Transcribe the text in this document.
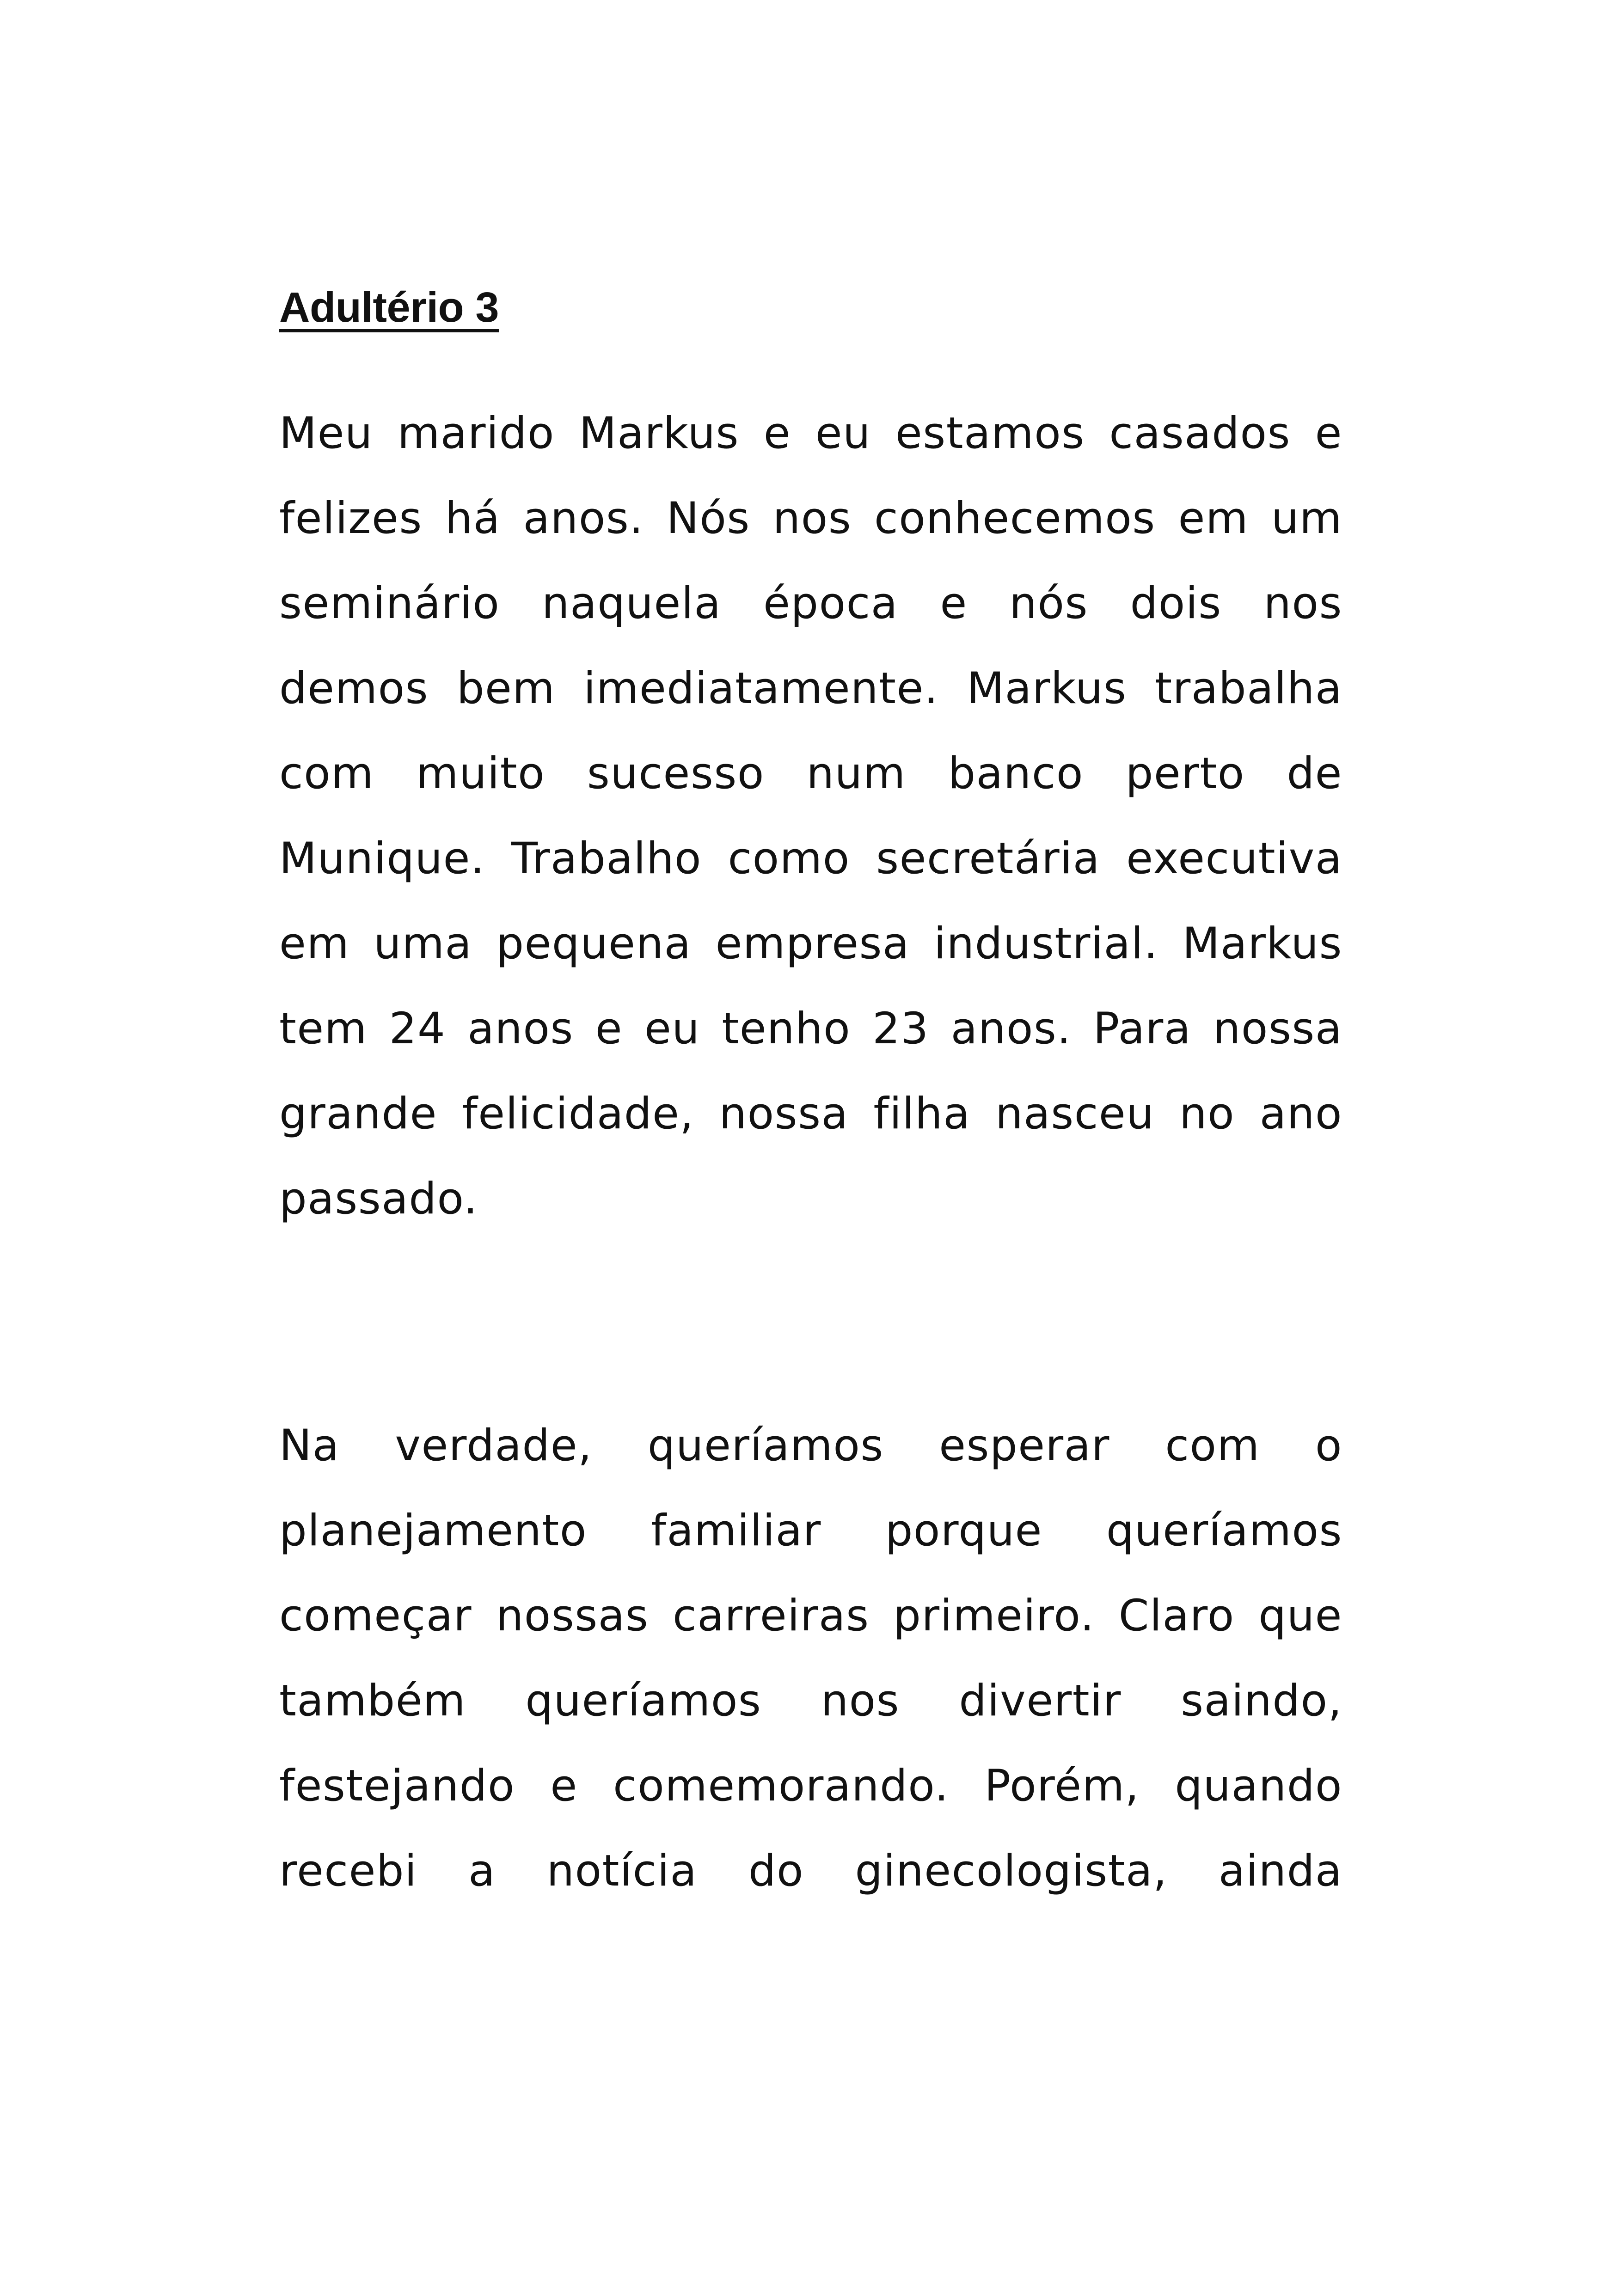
Adultério 3
Meu marido Markus e eu estamos casados e
felizes há anos. Nós nos conhecemos em um
seminário naquela época e nós dois nos
demos bem imediatamente. Markus trabalha
com muito sucesso num banco perto de
Munique. Trabalho como secretária executiva
em uma pequena empresa industrial. Markus
tem 24 anos e eu tenho 23 anos. Para nossa
grande felicidade, nossa filha nasceu no ano
passado.
Na verdade, queríamos esperar com o
planejamento familiar porque queríamos
começar nossas carreiras primeiro. Claro que
também queríamos nos divertir saindo,
festejando e comemorando. Porém, quando
recebi a notícia do ginecologista, ainda
